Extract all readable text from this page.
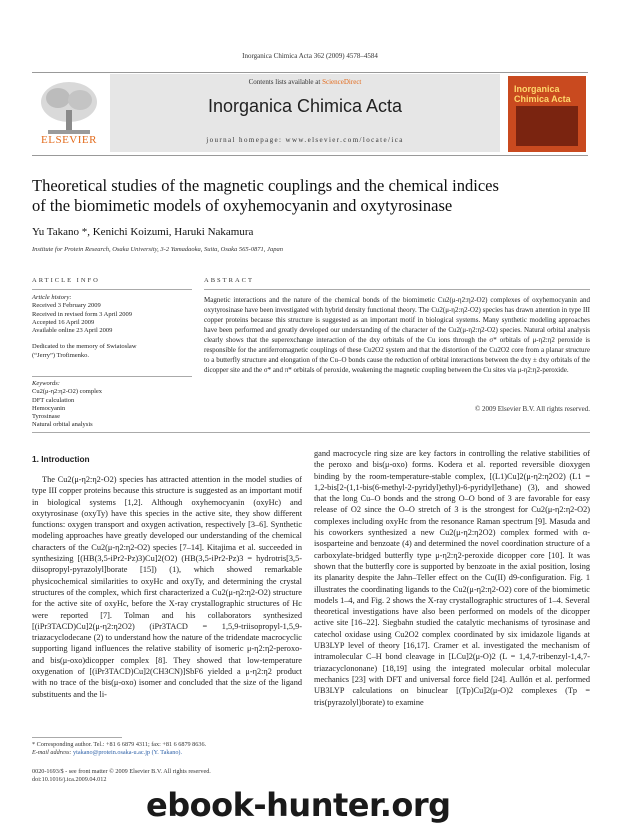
Inorganica Chimica Acta 362 (2009) 4578–4584
ELSEVIER
Contents lists available at ScienceDirect
Inorganica Chimica Acta
journal homepage: www.elsevier.com/locate/ica
Inorganica Chimica Acta
Theoretical studies of the magnetic couplings and the chemical indices
of the biomimetic models of oxyhemocyanin and oxytyrosinase
Yu Takano *, Kenichi Koizumi, Haruki Nakamura
Institute for Protein Research, Osaka University, 3-2 Yamadaoka, Suita, Osaka 565-0871, Japan
ARTICLE INFO
Article history:
Received 3 February 2009
Received in revised form 3 April 2009
Accepted 16 April 2009
Available online 23 April 2009
Dedicated to the memory of Swiatoslaw
(“Jerry”) Trofimenko.
Keywords:
Cu2(μ-η2:η2-O2) complex
DFT calculation
Hemocyanin
Tyrosinase
Natural orbital analysis
ABSTRACT
Magnetic interactions and the nature of the chemical bonds of the biomimetic Cu2(μ-η2:η2-O2) complexes of oxyhemocyanin and oxytyrosinase have been investigated with hybrid density functional theory. The Cu2(μ-η2:η2-O2) species has drawn attention in type III copper proteins because this structure is suggested as an important motif in biological systems. Many synthetic modeling approaches have been performed and greatly developed our understanding of the character of the Cu2(μ-η2:η2-O2) species. Natural orbital analysis clearly shows that the superexchange interaction of the dxy orbitals of the Cu ions through the σ* orbitals of μ-η2:η2 peroxide is responsible for the antiferromagnetic couplings of these Cu2O2 system and that the distortion of the Cu2O2 core from a planar structure to a butterfly structure and elongation of the Cu–O bonds cause the reduction of orbital interactions between the dxy ± dxy orbitals of the dicopper site and the σ* and π* orbitals of peroxide, weakening the magnetic coupling between the Cu sites via μ-η2:η2-peroxide.
© 2009 Elsevier B.V. All rights reserved.
1. Introduction
The Cu2(μ-η2:η2-O2) species has attracted attention in the model studies of type III copper proteins because this structure is suggested as an important motif in biological systems [1,2]. Although oxyhemocyanin (oxyHc) and oxytyrosinase (oxyTy) have this species in the active site, they show different functions: oxygen transport and oxygen activation, respectively [3–6]. Synthetic modeling approaches have greatly developed our understanding of the chemical characters of the Cu2(μ-η2:η2-O2) species [7–14]. Kitajima et al. succeeded in synthesizing [(HB(3,5-iPr2-Pz)3)Cu]2(O2) (HB(3,5-iPr2-Pz)3 = hydrotris[3,5-diisopropyl-pyrazolyl]borate [15]) (1), which showed remarkable physicochemical similarities to oxyHc and oxyTy, and determining the crystal structures of the complex, which first characterized a Cu2(μ-η2:η2-O2) structure for the active site of oxyHc, before the X-ray crystallographic structures of Hc were reported [7]. Tolman and his collaborators synthesized [(iPr3TACD)Cu]2(μ-η2:η2O2) (iPr3TACD = 1,5,9-triisopropyl-1,5,9-triazacyclodecane (2) to understand how the nature of the tridendate macrocyclic supporting ligand influences the relative stability of isomeric μ-η2:η2-peroxo- and bis(μ-oxo)dicopper complex [8]. They showed that low-temperature oxygenation of [(iPr3TACD)Cu]2(CH3CN)]SbF6 yielded a μ-η2:η2 product with no trace of the bis(μ-oxo) isomer and concluded that the size of the ligand substituents and the li-
gand macrocycle ring size are key factors in controlling the relative stabilities of the peroxo and bis(μ-oxo) forms. Kodera et al. reported reversible dioxygen binding by the room-temperature-stable complex, [(L1)Cu]2(μ-η2:η2O2) (L1 = 1,2-bis[2-(1,1-bis(6-methyl-2-pyridyl)ethyl)-6-pyridyl]ethane) (3), and showed that the long Cu–O bonds and the strong O–O bond of 3 are favorable for easy release of O2 since the O–O stretch of 3 is the strongest for Cu2(μ-η2:η2-O2) complexes including oxyHc from the resonance Raman spectrum [9]. Masuda and his coworkers synthesized a new Cu2(μ-η2:η2O2) complex formed with α-isosparteine and benzoate (4) and determined the novel coordination structure of a carboxylate-bridged butterfly type μ-η2:η2-peroxide dicopper core [10]. It was shown that the butterfly core is supported by benzoate in the axial position, losing its planarity despite the Jahn–Teller effect on the Cu(II) d9-configuration. Fig. 1 illustrates the coordinating ligands to the Cu2(μ-η2:η2-O2) core of the biomimetic models 1–4, and Fig. 2 shows the X-ray crystallographic structures of 1–4. Several theoretical investigations have also been performed on models of the dicopper active site [16–22]. Siegbahn studied the catalytic mechanisms of tyrosinase and catechol oxidase using Cu2O2 complex coordinated by six imidazole ligands at UB3LYP level of theory [16,17]. Cramer et al. investigated the mechanism of intramolecular C–H bond cleavage in [LCu]2(μ-O)2 (L = 1,4,7-tribenzyl-1,4,7-triazacyclononane) [18,19] using the integrated molecular orbital molecular mechanics [23] with DFT and universal force field [24]. Aullón et al. performed UB3LYP calculations on binuclear [(Tp)Cu]2(μ-O)2 complexes (Tp = tris(pyrazolyl)borate) to examine
* Corresponding author. Tel.: +81 6 6879 4311; fax: +81 6 6879 8636.
E-mail address: ytakano@protein.osaka-u.ac.jp (Y. Takano).
0020-1693/$ - see front matter © 2009 Elsevier B.V. All rights reserved.
doi:10.1016/j.ica.2009.04.012
ebook-hunter.org
